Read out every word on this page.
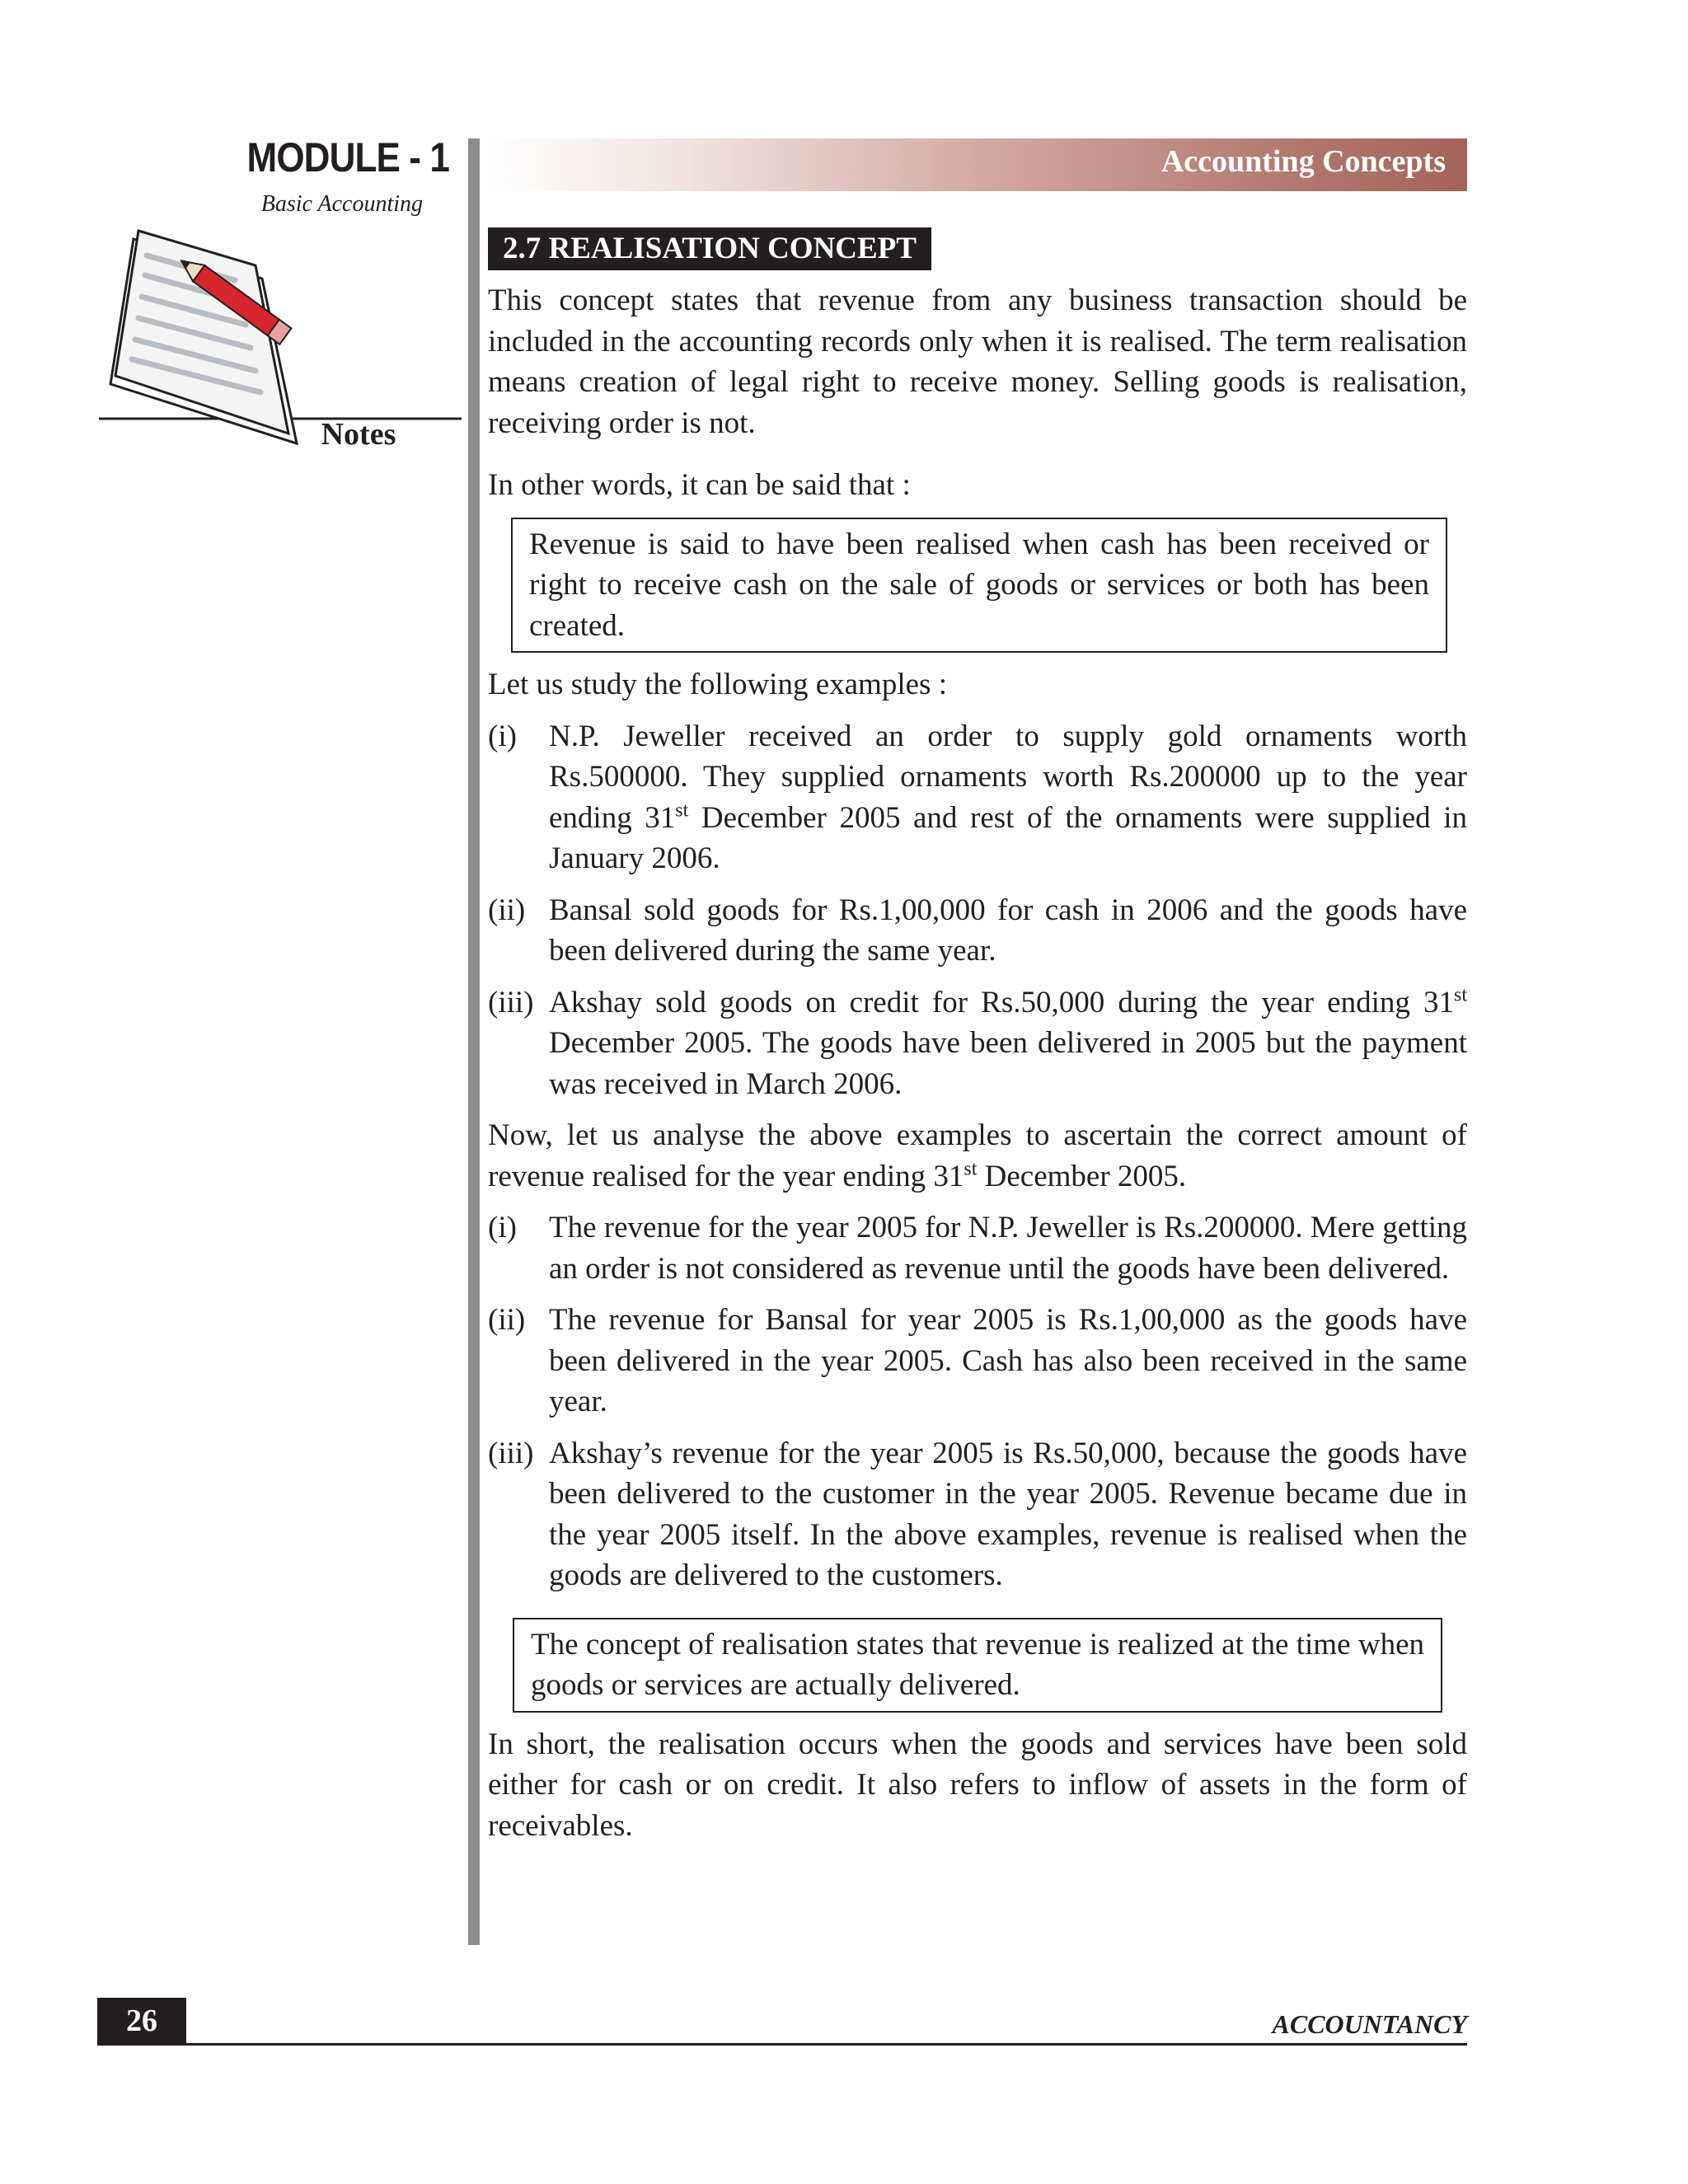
MODULE - 1

Basic Accounting

Notes

Accounting Concepts

2.7 REALISATION CONCEPT

This concept states that revenue from any business transaction should be included in the accounting records only when it is realised. The term realisation means creation of legal right to receive money. Selling goods is realisation, receiving order is not.

In other words, it can be said that :

Revenue is said to have been realised when cash has been received or right to receive cash on the sale of goods or services or both has been created.

Let us study the following examples :

(i)	N.P. Jeweller received an order to supply gold ornaments worth Rs.500000. They supplied ornaments worth Rs.200000 up to the year ending 31st December 2005 and rest of the ornaments were supplied in January 2006.
(ii) Bansal sold goods for Rs.1,00,000 for cash in 2006 and the goods have been delivered during the same year.
(iii) Akshay sold goods on credit for Rs.50,000 during the year ending 31st December 2005. The goods have been delivered in 2005 but the payment was received in March 2006.

Now, let us analyse the above examples to ascertain the correct amount of revenue realised for the year ending 31st December 2005.

(i)	The revenue for the year 2005 for N.P. Jeweller is Rs.200000. Mere getting an order is not considered as revenue until the goods have been delivered.
(ii) The revenue for Bansal for year 2005 is Rs.1,00,000 as the goods have been delivered in the year 2005. Cash has also been received in the same year.
(iii) Akshay’s revenue for the year 2005 is Rs.50,000, because the goods have been delivered to the customer in the year 2005. Revenue became due in the year 2005 itself. In the above examples, revenue is realised when the goods are delivered to the customers.

The concept of realisation states that revenue is realized at the time when goods or services are actually delivered.

In short, the realisation occurs when the goods and services have been sold either for cash or on credit. It also refers to inflow of assets in the form of receivables.

26	ACCOUNTANCY
